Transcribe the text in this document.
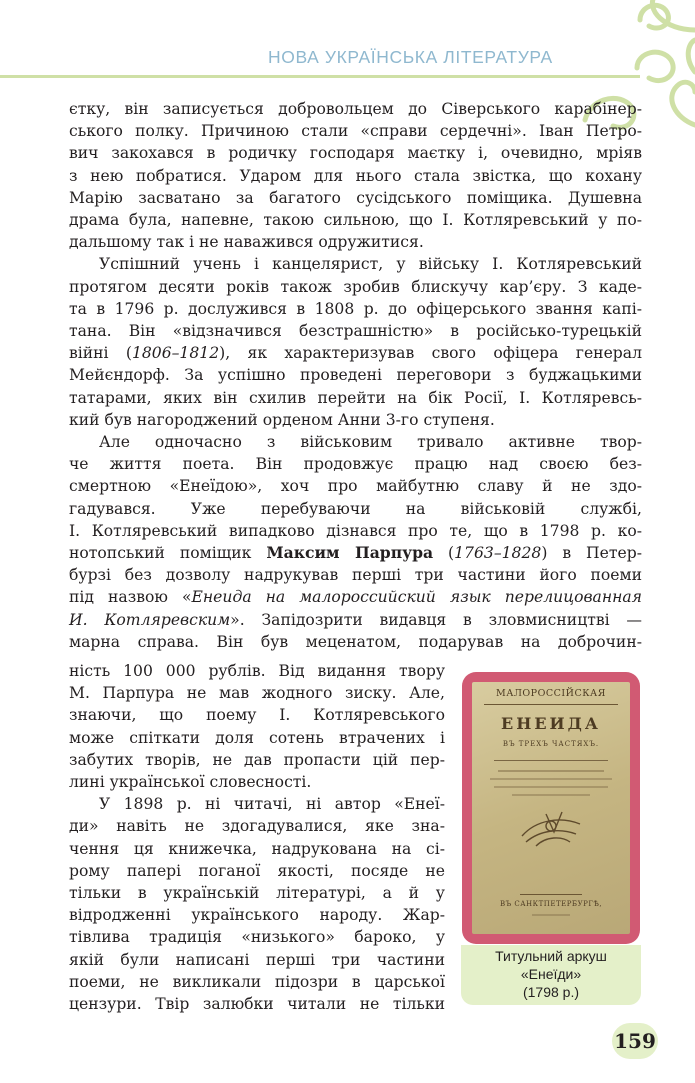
НОВА УКРАЇНСЬКА ЛІТЕРАТУРА

єтку, він записується добровольцем до Сіверського карабінер-

ського полку. Причиною стали «справи сердечні». Іван Петро-

вич закохався в родичку господаря маєтку і, очевидно, мріяв

з нею побратися. Ударом для нього стала звістка, що кохану

Марію засватано за багатого сусідського поміщика. Душевна

драма була, напевне, такою сильною, що І. Котляревський у по-

дальшому так і не наважився одружитися.

Успішний учень і канцелярист, у війську І. Котляревський

протягом десяти років також зробив блискучу кар’єру. З каде-

та в 1796 р. дослужився в 1808 р. до офіцерського звання капі-

тана. Він «відзначився безстрашністю» в російсько-турецькій

війні (1806–1812), як характеризував свого офіцера генерал

Мейєндорф. За успішно проведені переговори з буджацькими

татарами, яких він схилив перейти на бік Росії, І. Котляревсь-

кий був нагороджений орденом Анни 3-го ступеня.

Але одночасно з військовим тривало активне твор-

че життя поета. Він продовжує працю над своєю без-

смертною «Енеїдою», хоч про майбутню славу й не здо-

гадувався. Уже перебуваючи на військовій службі,

І. Котляревський випадково дізнався про те, що в 1798 р. ко-

нотопський поміщик Максим Парпура (1763–1828) в Петер-

бурзі без дозволу надрукував перші три частини його поеми

під назвою «Енеида на малороссийский язык перелицованная

И. Котляревским». Запідозрити видавця в зловмисництві —

марна справа. Він був меценатом, подарував на доброчин-

ність 100 000 рублів. Від видання твору

М. Парпура не мав жодного зиску. Але,

знаючи, що поему І. Котляревського

може спіткати доля сотень втрачених і

забутих творів, не дав пропасти цій пер-

лині української словесності.

У 1898 р. ні читачі, ні автор «Енеї-

ди» навіть не здогадувалися, яке зна-

чення ця книжечка, надрукована на сі-

рому папері поганої якості, посяде не

тільки в українській літературі, а й у

відродженні українського народу. Жар-

тівлива традиція «низького» бароко, у

якій були написані перші три частини

поеми, не викликали підозри в царської

цензури. Твір залюбки читали не тільки

МАЛОРОССІЙСКАЯ
ЕНЕИДА
ВЪ ТРЕХЪ ЧАСТЯХЪ.
ВЪ САНКТПЕТЕРБУРГѢ,
Титульний аркуш
«Енеїди»
(1798 р.)
159
